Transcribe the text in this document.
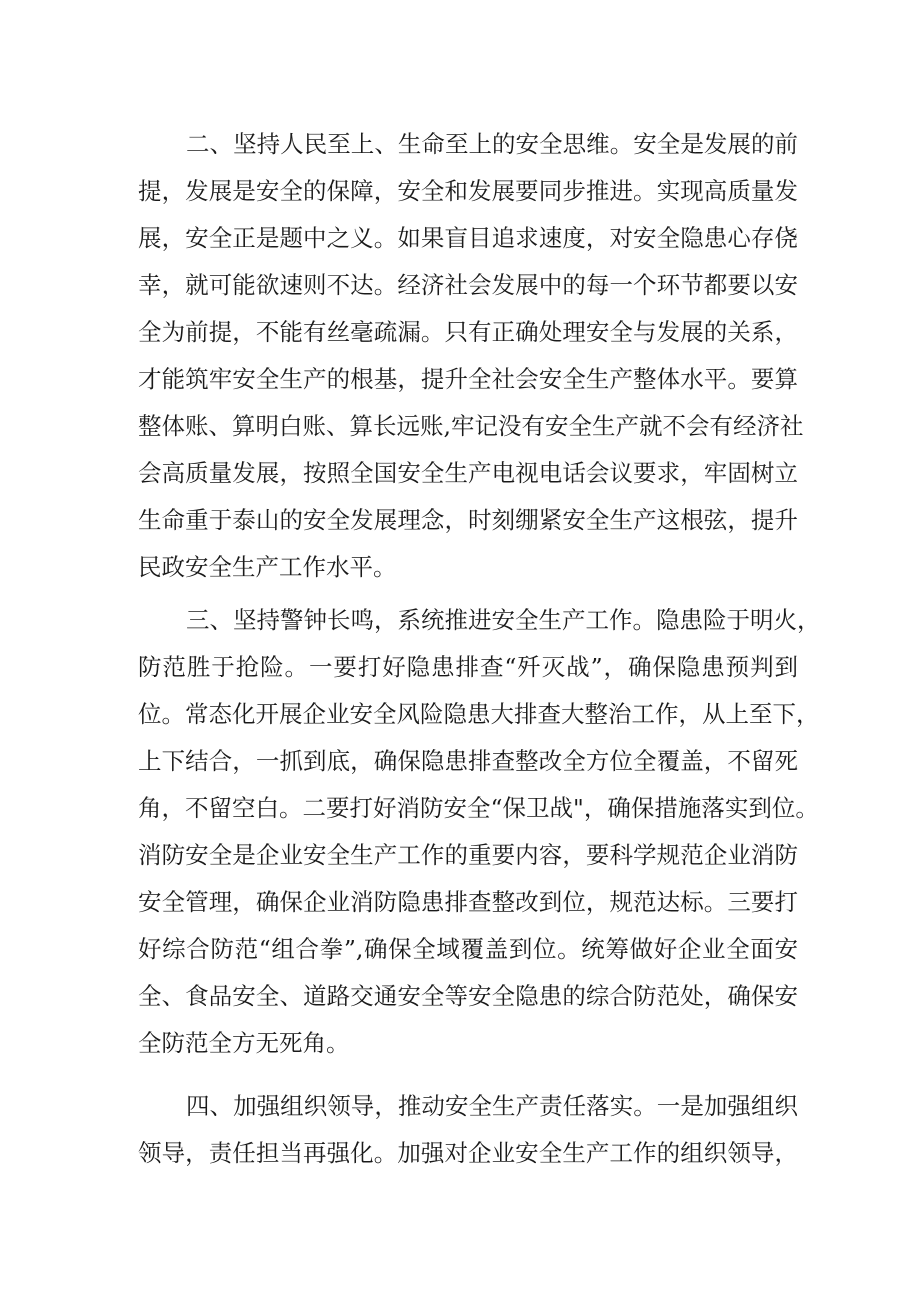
二、坚持人民至上、生命至上的安全思维。安全是发展的前
提，发展是安全的保障，安全和发展要同步推进。实现高质量发
展，安全正是题中之义。如果盲目追求速度，对安全隐患心存侥
幸，就可能欲速则不达。经济社会发展中的每一个环节都要以安
全为前提，不能有丝毫疏漏。只有正确处理安全与发展的关系，
才能筑牢安全生产的根基，提升全社会安全生产整体水平。要算
整体账、算明白账、算长远账,牢记没有安全生产就不会有经济社
会高质量发展，按照全国安全生产电视电话会议要求，牢固树立
生命重于泰山的安全发展理念，时刻绷紧安全生产这根弦，提升
民政安全生产工作水平。
三、坚持警钟长鸣，系统推进安全生产工作。隐患险于明火，
防范胜于抢险。一要打好隐患排查“歼灭战”，确保隐患预判到
位。常态化开展企业安全风险隐患大排查大整治工作，从上至下，
上下结合，一抓到底，确保隐患排查整改全方位全覆盖，不留死
角，不留空白。二要打好消防安全“保卫战"，确保措施落实到位。
消防安全是企业安全生产工作的重要内容，要科学规范企业消防
安全管理，确保企业消防隐患排查整改到位，规范达标。三要打
好综合防范“组合拳”,确保全域覆盖到位。统筹做好企业全面安
全、食品安全、道路交通安全等安全隐患的综合防范处，确保安
全防范全方无死角。
四、加强组织领导，推动安全生产责任落实。一是加强组织
领导，责任担当再强化。加强对企业安全生产工作的组织领导，
